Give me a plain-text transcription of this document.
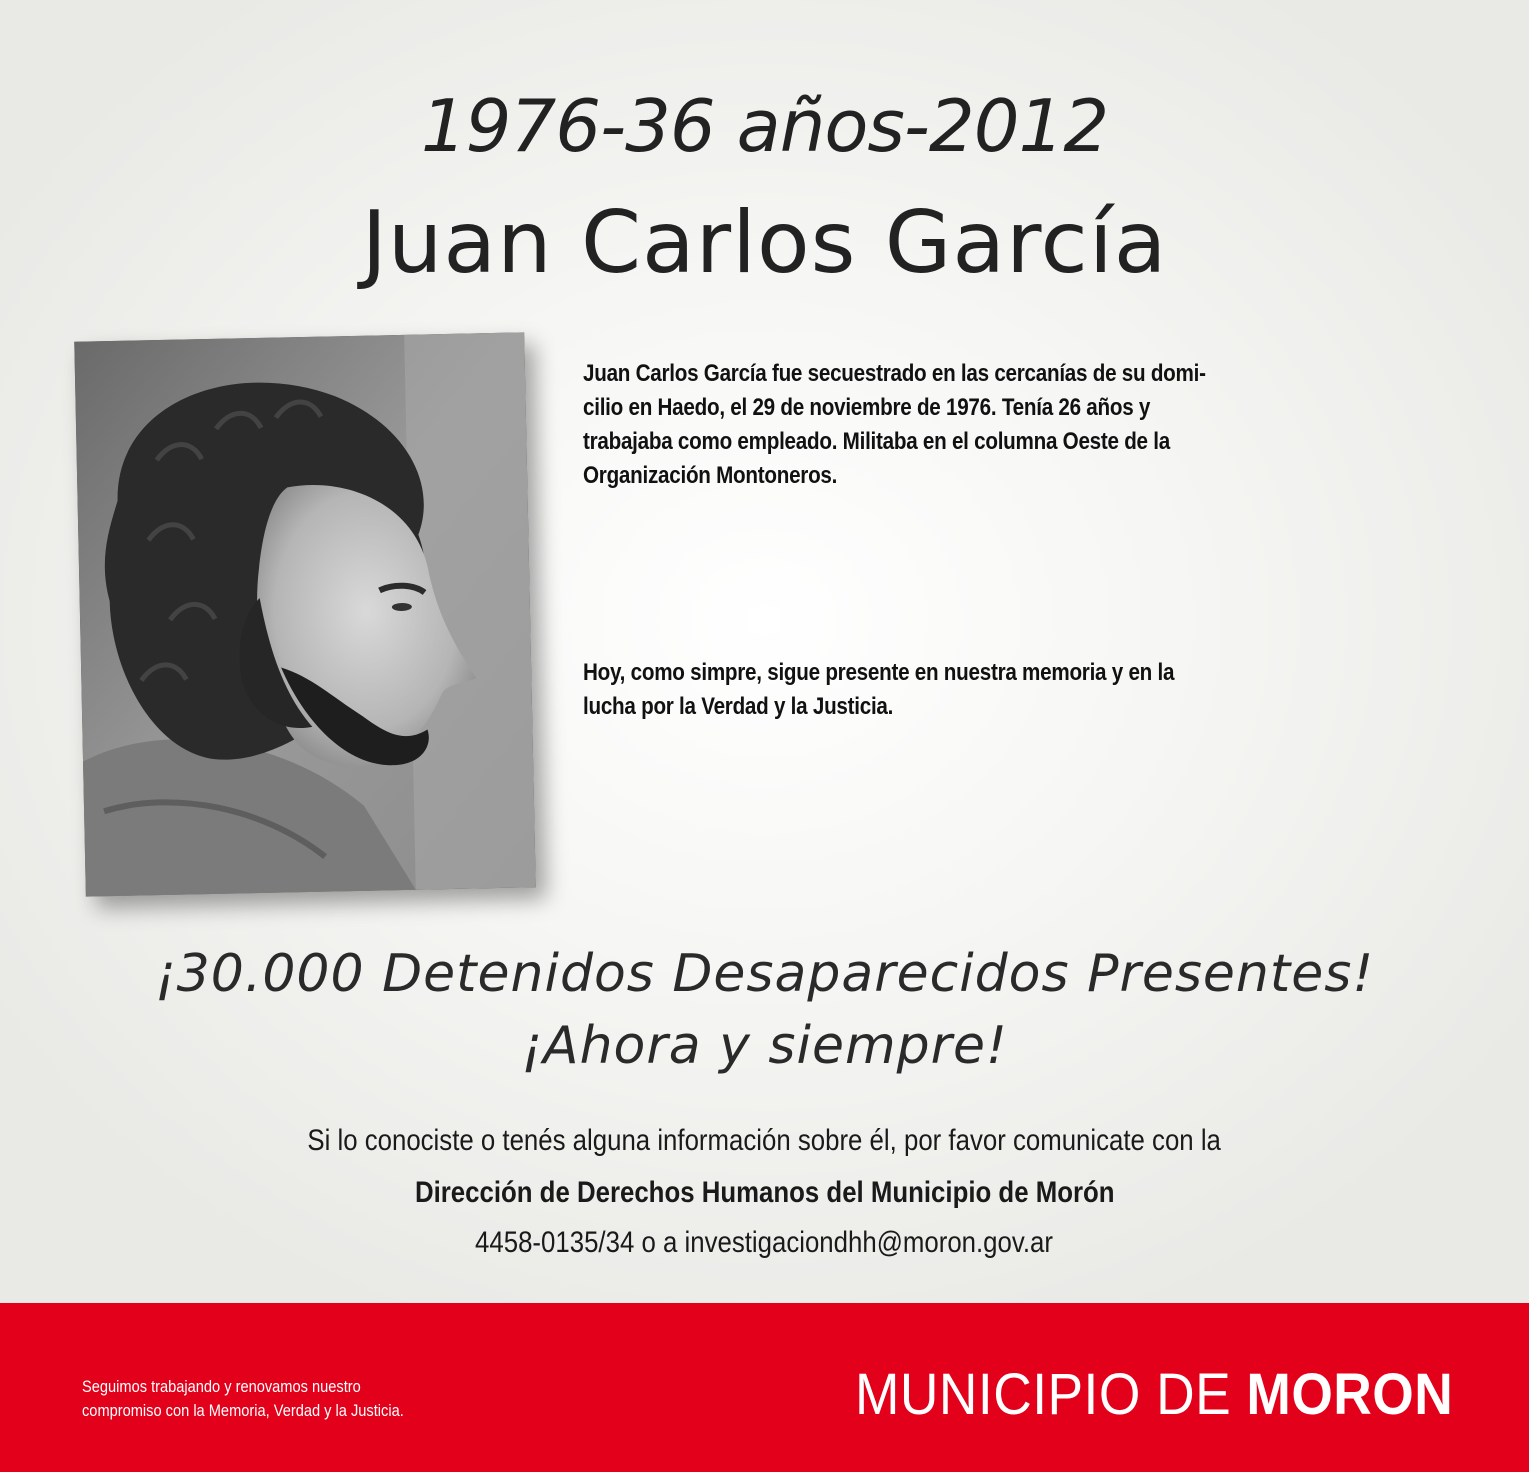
1976-36 años-2012
Juan Carlos García

Juan Carlos García fue secuestrado en las cercanías de su domi-

cilio en Haedo, el 29 de noviembre de 1976. Tenía 26 años y

trabajaba como empleado. Militaba en el columna Oeste de la

Organización Montoneros.

Hoy, como simpre, sigue presente en nuestra memoria y en la

lucha por la Verdad y la Justicia.

¡30.000 Detenidos Desaparecidos Presentes!
¡Ahora y siempre!
Si lo conociste o tenés alguna información sobre él, por favor comunicate con la
Dirección de Derechos Humanos del Municipio de Morón
4458-0135/34 o a investigaciondhh@moron.gov.ar
Seguimos trabajando y renovamos nuestro
compromiso con la Memoria, Verdad y la Justicia.	MUNICIPIO DE MORON
